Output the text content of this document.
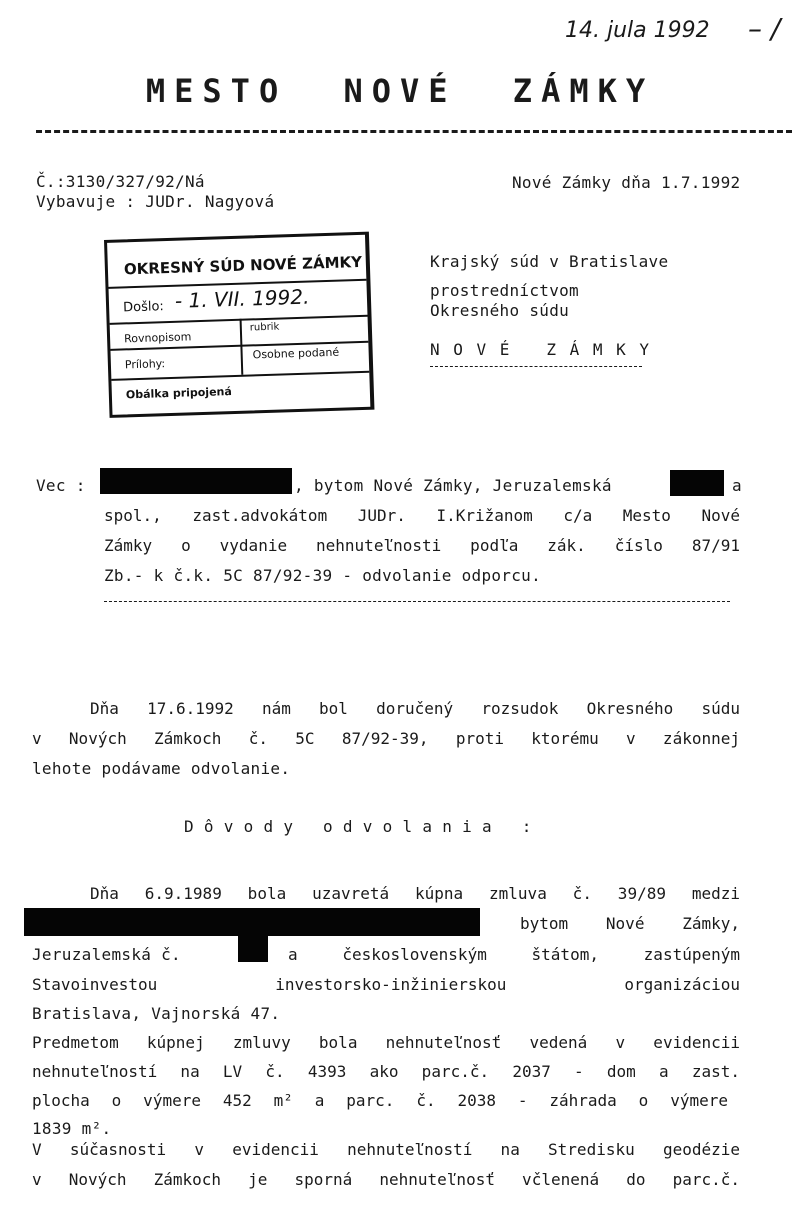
14. jula 1992 – /
MESTO NOVÉ ZÁMKY
Č.:3130/327/92/Ná
Vybavuje : JUDr. Nagyová
Nové Zámky dňa 1.7.1992
OKRESNÝ SÚD NOVÉ ZÁMKY
Došlo: - 1. VII. 1992.
Rovnopisom
rubrik
Prílohy:
Osobne podané
Obálka pripojená
Krajský súd v Bratislave
prostredníctvom
Okresného súdu
N O V É   Z Á M K Y
Vec :	, bytom Nové Zámky, Jeruzalemská	a
spol., zast.advokátom JUDr. I.Križanom c/a Mesto Nové
Zámky o vydanie nehnuteľnosti podľa zák. číslo 87/91
Zb.- k č.k. 5C 87/92-39 - odvolanie odporcu.
Dňa 17.6.1992 nám bol doručený rozsudok Okresného súdu
v Nových Zámkoch č. 5C 87/92-39, proti ktorému v zákonnej
lehote podávame odvolanie.
D ô v o d y   o d v o l a n i a   :
Dňa 6.9.1989 bola uzavretá kúpna zmluva č. 39/89 medzi
bytom Nové Zámky,
Jeruzalemská č.	a československým štátom, zastúpeným
Stavoinvestou investorsko-inžinierskou organizáciou
Bratislava, Vajnorská 47.
Predmetom kúpnej zmluvy bola nehnuteľnosť vedená v evidencii
nehnuteľností na LV č. 4393 ako parc.č. 2037 - dom a zast.
plocha o výmere 452 m² a parc. č. 2038 - záhrada o výmere
1839 m².
V súčasnosti v evidencii nehnuteľností na Stredisku geodézie
v Nových Zámkoch je sporná nehnuteľnosť včlenená do parc.č.
